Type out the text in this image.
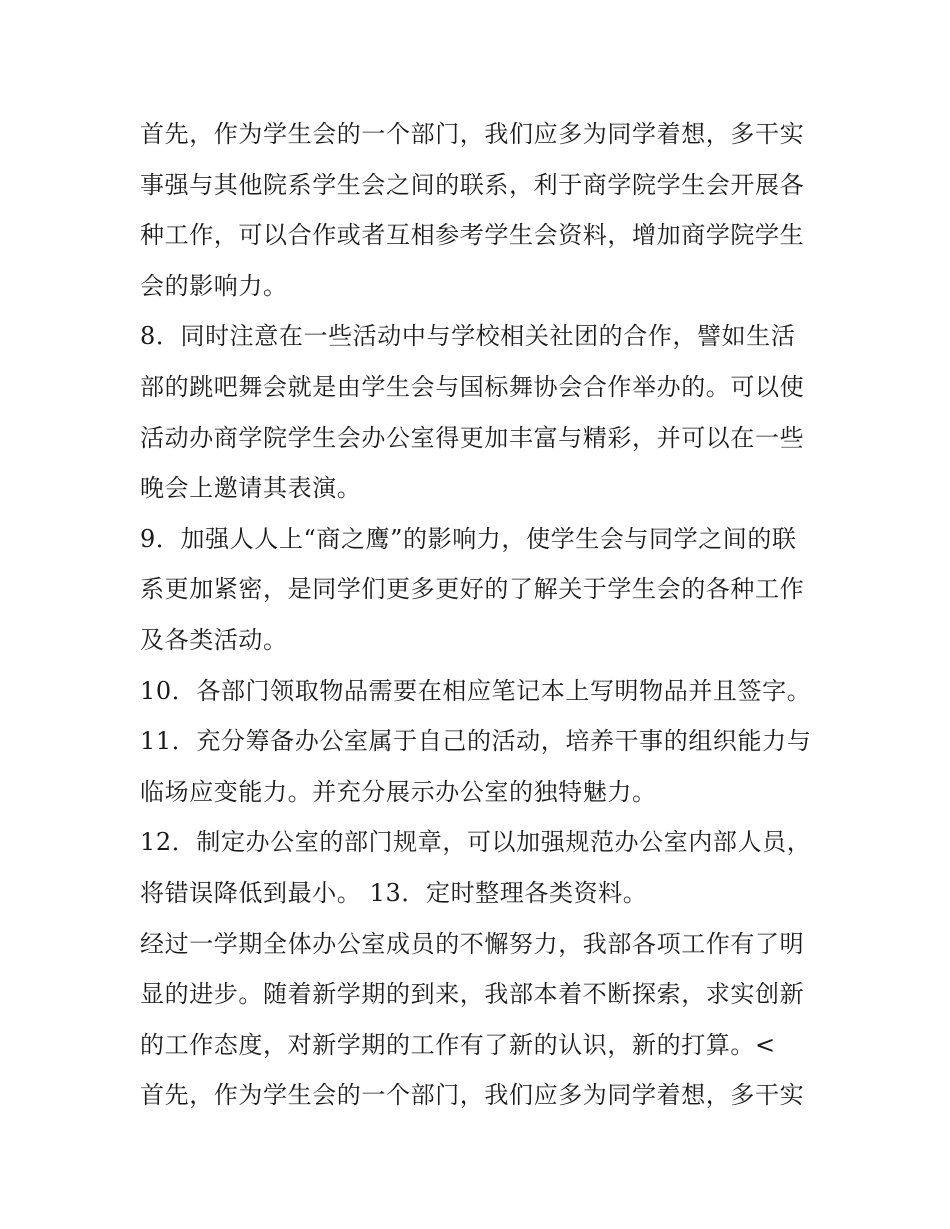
首先，作为学生会的一个部门，我们应多为同学着想，多干实
事强与其他院系学生会之间的联系，利于商学院学生会开展各
种工作，可以合作或者互相参考学生会资料，增加商学院学生
会的影响力。
8．同时注意在一些活动中与学校相关社团的合作，譬如生活
部的跳吧舞会就是由学生会与国标舞协会合作举办的。可以使
活动办商学院学生会办公室得更加丰富与精彩，并可以在一些
晚会上邀请其表演。
9．加强人人上“商之鹰”的影响力，使学生会与同学之间的联
系更加紧密，是同学们更多更好的了解关于学生会的各种工作
及各类活动。
10．各部门领取物品需要在相应笔记本上写明物品并且签字。
11．充分筹备办公室属于自己的活动，培养干事的组织能力与
临场应变能力。并充分展示办公室的独特魅力。
12．制定办公室的部门规章，可以加强规范办公室内部人员，
将错误降低到最小。 13．定时整理各类资料。
经过一学期全体办公室成员的不懈努力，我部各项工作有了明
显的进步。随着新学期的到来，我部本着不断探索，求实创新
的工作态度，对新学期的工作有了新的认识，新的打算。<
首先，作为学生会的一个部门，我们应多为同学着想，多干实
